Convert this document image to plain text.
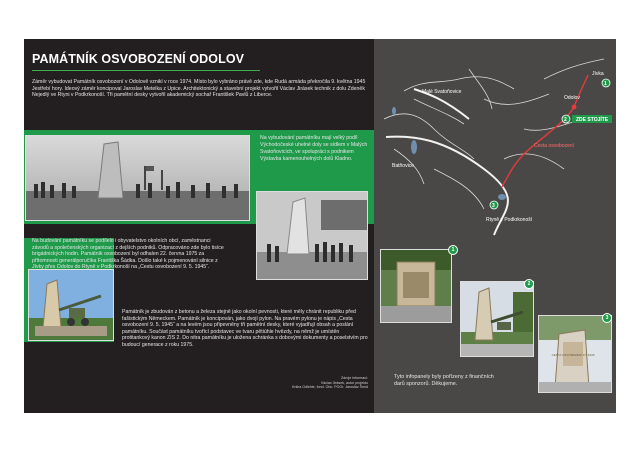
PAMÁTNÍK OSVOBOZENÍ ODOLOV
Záměr vybudovat Památník osvobození v Odolově vznikl v roce 1974. Místo bylo vybráno právě zde, kde Rudá armáda překročila 9. května 1945 Jestřebí hory. Ideový záměr koncipoval Jaroslav Metelka z Upice. Architektonický a stavební projekt vytvořil Václav Jirásek technik z dolu Zdeněk Nejedlý ve Rtyni v Podkrkonoší. Tři pamětní desky vytvořil akademický sochař František Pavlů z Liberce.
Na vybudování památníku mají velký podíl Východočeské uhelné doly se sídlem v Malých Svatoňovicích, ve spolupráci s podnikem Výstavba kamenouhelných dolů Kladno.
Na budování památníku se podílelo i obyvatelstvo okolních obcí, zaměstnanci závodů a společenských organizací z dejších podniků. Odpracováno zde bylo tisíce brigádnických hodin. Památník osvobození byl odhalen 22. června 1975 za přítomnosti generálporučíka Františka Šádka. Došlo také k pojmenování silnice z Jívky přes Odolov do Rtyně v Podkrkonoší na „Cestu osvobození 9. 5. 1945“.
Památník je zbudován z betonu a železa stejně jako okolní pevnosti, které měly chránit republiku před fašistickým Německem. Památník je koncipován, jako dvojí pylon. Na pravém pylonu je nápis „Cesta osvobození 9. 5. 1945“ a na levém jsou připevněny tři pamětní desky, které vyjadřují obsah a poslání památníku. Součást památníku tvořící podstavec ve tvaru pětiúhle hvězdy, na němž je umístěn protitankový kanon ZIS 2. Do nitra památníku je uložena schránka s dobovými dokumenty a poselstvím pro budoucí generace z roku 1975.
Zdroje informací:
Václav Jirásek, autor projektu
Kniha Odlehle, fond. Obc. POOr. Jaroslav Šmíd
Malé Svatoňovice
Batňovice
Rtyně v Podkrkonoší
Cesta osvobození
Odolov
Jívka
ZDE STOJÍTE
1
2
3
1
2
CESTA OSVOBOZENÍ 9.5.1945
3
Tyto infopanely byly pořízeny z finančních darů sponzorů. Děkujeme.
